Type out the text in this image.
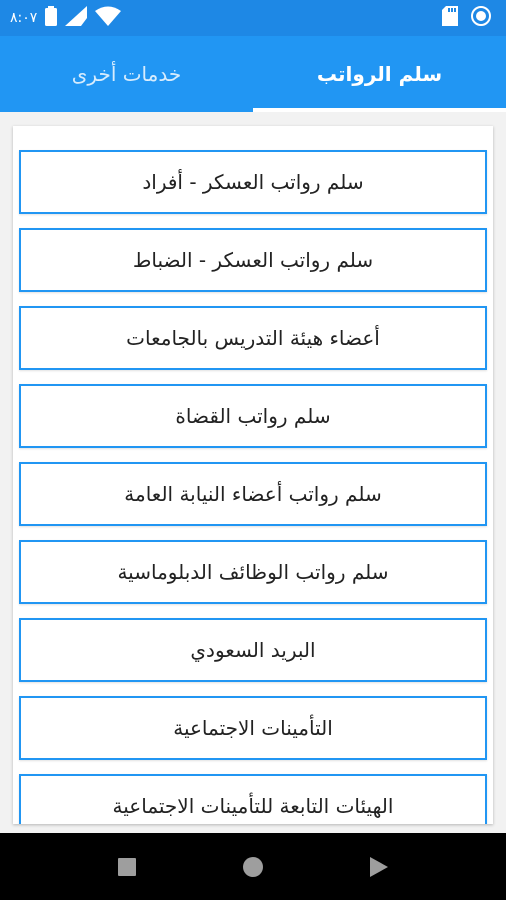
٨:٠٧
سلم الرواتب
خدمات أخرى
سلم رواتب العسكر - أفراد
سلم رواتب العسكر - الضباط
أعضاء هيئة التدريس بالجامعات
سلم رواتب القضاة
سلم رواتب أعضاء النيابة العامة
سلم رواتب الوظائف الدبلوماسية
البريد السعودي
التأمينات الاجتماعية
الهيئات التابعة للتأمينات الاجتماعية
